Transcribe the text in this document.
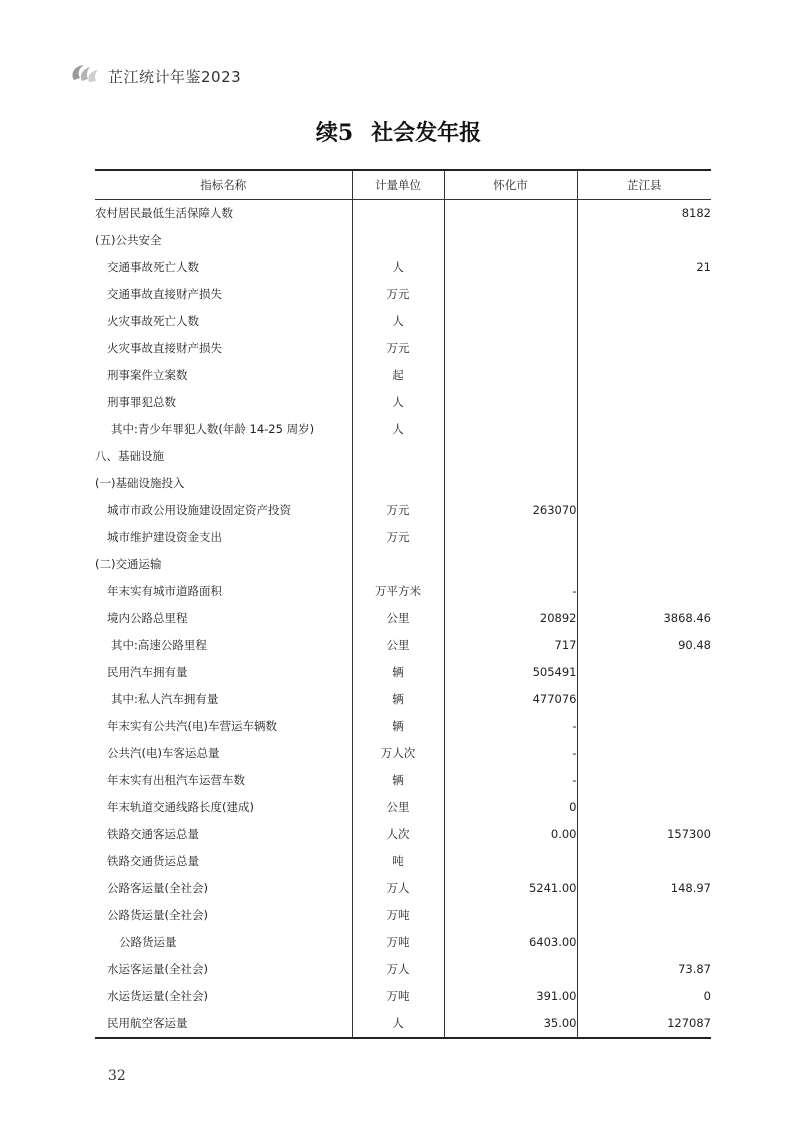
芷江统计年鉴2023
续5 社会发年报
指标名称	计量单位	怀化市	芷江县
农村居民最低生活保障人数			8182
(五)公共安全			
交通事故死亡人数	人		21
交通事故直接财产损失	万元		
火灾事故死亡人数	人		
火灾事故直接财产损失	万元		
刑事案件立案数	起		
刑事罪犯总数	人		
其中:青少年罪犯人数(年龄 14-25 周岁)	人		
八、基础设施			
(一)基础设施投入			
城市市政公用设施建设固定资产投资	万元	263070	
城市维护建设资金支出	万元		
(二)交通运输			
年末实有城市道路面积	万平方米	-	
境内公路总里程	公里	20892	3868.46
其中:高速公路里程	公里	717	90.48
民用汽车拥有量	辆	505491	
其中:私人汽车拥有量	辆	477076	
年末实有公共汽(电)车营运车辆数	辆	-	
公共汽(电)车客运总量	万人次	-	
年末实有出租汽车运营车数	辆	-	
年末轨道交通线路长度(建成)	公里	0	
铁路交通客运总量	人次	0.00	157300
铁路交通货运总量	吨		
公路客运量(全社会)	万人	5241.00	148.97
公路货运量(全社会)	万吨		
公路货运量	万吨	6403.00	
水运客运量(全社会)	万人		73.87
水运货运量(全社会)	万吨	391.00	0
民用航空客运量	人	35.00	127087
32
